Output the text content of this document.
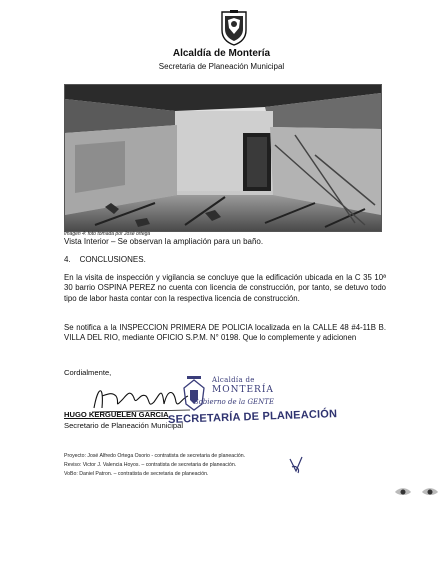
Alcaldía de Montería
Secretaria de Planeación Municipal
Imagen 4: foto tomada por José ortega
Vista Interior – Se observan la ampliación para un baño.
4.    CONCLUSIONES.
En la visita de inspección y vigilancia se concluye que la edificación ubicada en la C 35 10ª 30 barrio OSPINA PEREZ no cuenta con licencia de construcción, por tanto, se detuvo todo tipo de labor hasta contar con la respectiva licencia de construcción.
Se notifica a la INSPECCION PRIMERA DE POLICIA localizada en la CALLE 48 #4-11B B. VILLA DEL RIO, mediante OFICIO S.P.M. N° 0198. Que lo complemente y adicionen
Cordialmente,
HUGO KERGUELEN GARCIA
Secretario de Planeación Municipal
Alcaldía de
MONTERÍA
Gobierno de la GENTE
SECRETARÍA DE PLANEACIÓN
Proyecto: José Alfredo Ortega Osorio - contratista de secretaria de planeación.
Reviso: Victor J. Valencia Hoyos. – contratista de secretaria de planeación.
VoBo: Daniel Patron. – contratista de secretaria de planeación.
